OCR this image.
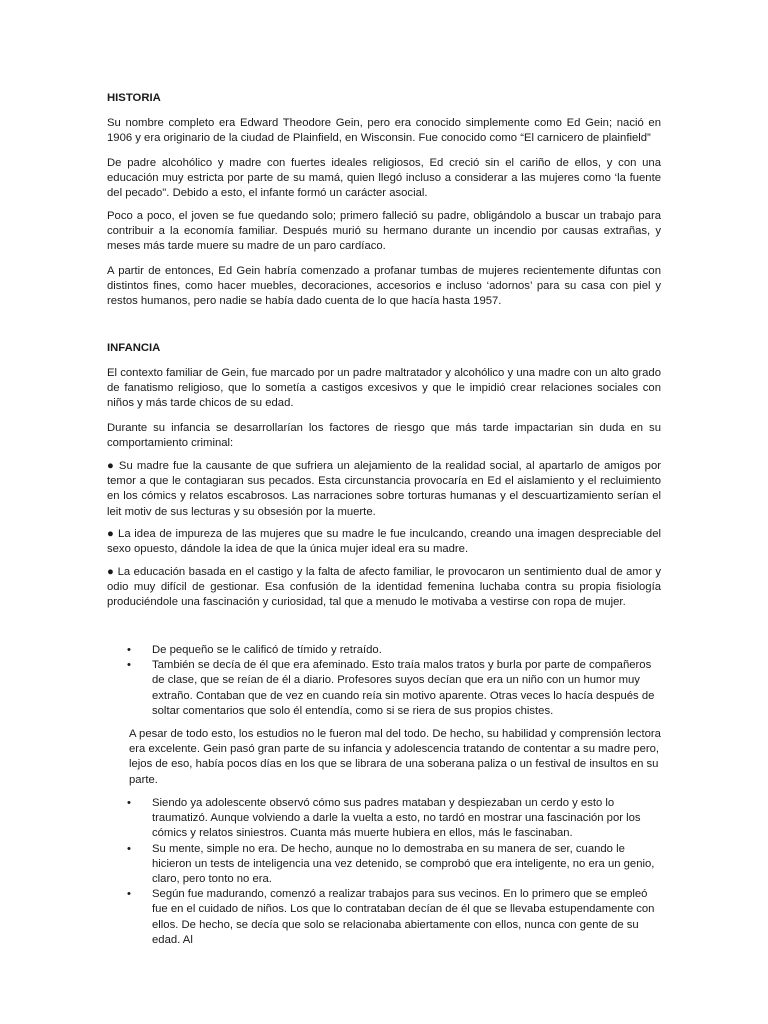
HISTORIA
Su nombre completo era Edward Theodore Gein, pero era conocido simplemente como Ed Gein; nació en 1906 y era originario de la ciudad de Plainfield, en Wisconsin. Fue conocido como “El carnicero de plainfield”
De padre alcohólico y madre con fuertes ideales religiosos, Ed creció sin el cariño de ellos, y con una educación muy estricta por parte de su mamá, quien llegó incluso a considerar a las mujeres como ‘la fuente del pecado". Debido a esto, el infante formó un carácter asocial.
Poco a poco, el joven se fue quedando solo; primero falleció su padre, obligándolo a buscar un trabajo para contribuir a la economía familiar. Después murió su hermano durante un incendio por causas extrañas, y meses más tarde muere su madre de un paro cardíaco.
A partir de entonces, Ed Gein habría comenzado a profanar tumbas de mujeres recientemente difuntas con distintos fines, como hacer muebles, decoraciones, accesorios e incluso ‘adornos’ para su casa con piel y restos humanos, pero nadie se había dado cuenta de lo que hacía hasta 1957.
INFANCIA
El contexto familiar de Gein, fue marcado por un padre maltratador y alcohólico y una madre con un alto grado de fanatismo religioso, que lo sometía a castigos excesivos y que le impidió crear relaciones sociales con niños y más tarde chicos de su edad.
Durante su infancia se desarrollarían los factores de riesgo que más tarde impactarian sin duda en su comportamiento criminal:
● Su madre fue la causante de que sufriera un alejamiento de la realidad social, al apartarlo de amigos por temor a que le contagiaran sus pecados. Esta circunstancia provocaría en Ed el aislamiento y el recluimiento en los cómics y relatos escabrosos. Las narraciones sobre torturas humanas y el descuartizamiento serían el leit motiv de sus lecturas y su obsesión por la muerte.
● La idea de impureza de las mujeres que su madre le fue inculcando, creando una imagen despreciable del sexo opuesto, dándole la idea de que la única mujer ideal era su madre.
● La educación basada en el castigo y la falta de afecto familiar, le provocaron un sentimiento dual de amor y odio muy difícil de gestionar. Esa confusión de la identidad femenina luchaba contra su propia fisiología produciéndole una fascinación y curiosidad, tal que a menudo le motivaba a vestirse con ropa de mujer.
• De pequeño se le calificó de tímido y retraído.
• También se decía de él que era afeminado. Esto traía malos tratos y burla por parte de compañeros de clase, que se reían de él a diario. Profesores suyos decían que era un niño con un humor muy extraño. Contaban que de vez en cuando reía sin motivo aparente. Otras veces lo hacía después de soltar comentarios que solo él entendía, como si se riera de sus propios chistes.
A pesar de todo esto, los estudios no le fueron mal del todo. De hecho, su habilidad y comprensión lectora era excelente. Gein pasó gran parte de su infancia y adolescencia tratando de contentar a su madre pero, lejos de eso, había pocos días en los que se librara de una soberana paliza o un festival de insultos en su parte.
• Siendo ya adolescente observó cómo sus padres mataban y despiezaban un cerdo y esto lo traumatizó. Aunque volviendo a darle la vuelta a esto, no tardó en mostrar una fascinación por los cómics y relatos siniestros. Cuanta más muerte hubiera en ellos, más le fascinaban.
• Su mente, simple no era. De hecho, aunque no lo demostraba en su manera de ser, cuando le hicieron un tests de inteligencia una vez detenido, se comprobó que era inteligente, no era un genio, claro, pero tonto no era.
• Según fue madurando, comenzó a realizar trabajos para sus vecinos. En lo primero que se empleó fue en el cuidado de niños. Los que lo contrataban decían de él que se llevaba estupendamente con ellos. De hecho, se decía que solo se relacionaba abiertamente con ellos, nunca con gente de su edad. Al
